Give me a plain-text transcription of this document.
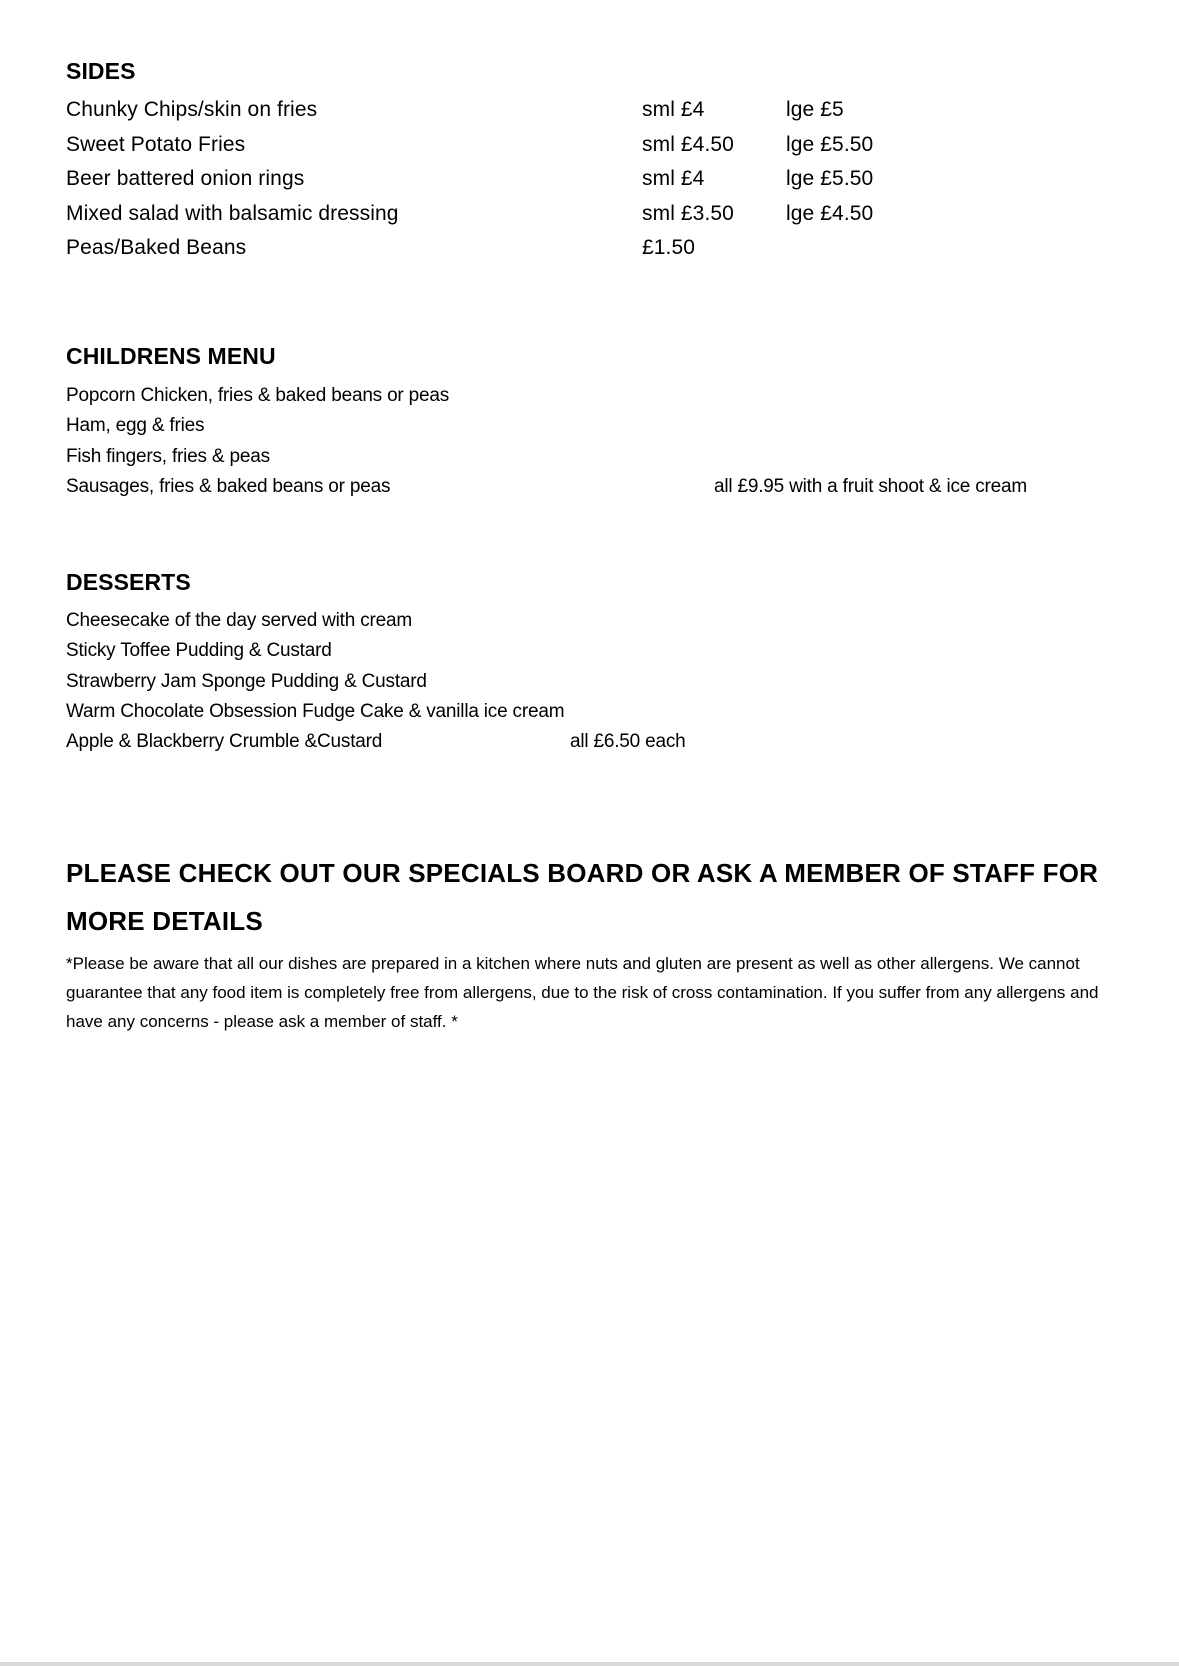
SIDES
Chunky Chips/skin on fries	sml £4	lge £5
Sweet Potato Fries	sml £4.50 lge £5.50
Beer battered onion rings	sml £4	lge £5.50
Mixed salad with balsamic dressing	sml £3.50 lge £4.50
Peas/Baked Beans	£1.50
CHILDRENS MENU
Popcorn Chicken, fries & baked beans or peas
Ham, egg & fries
Fish fingers, fries & peas
Sausages, fries & baked beans or peas	all £9.95 with a fruit shoot & ice cream
DESSERTS
Cheesecake of the day served with cream
Sticky Toffee Pudding & Custard
Strawberry Jam Sponge Pudding & Custard
Warm Chocolate Obsession Fudge Cake & vanilla ice cream
Apple & Blackberry Crumble &Custard	all £6.50 each
PLEASE CHECK OUT OUR SPECIALS BOARD OR ASK A MEMBER OF STAFF FOR
MORE DETAILS
*Please be aware that all our dishes are prepared in a kitchen where nuts and gluten are present as well as other allergens. We cannot guarantee that any food item is completely free from allergens, due to the risk of cross contamination. If you suffer from any allergens and have any concerns - please ask a member of staff. *
